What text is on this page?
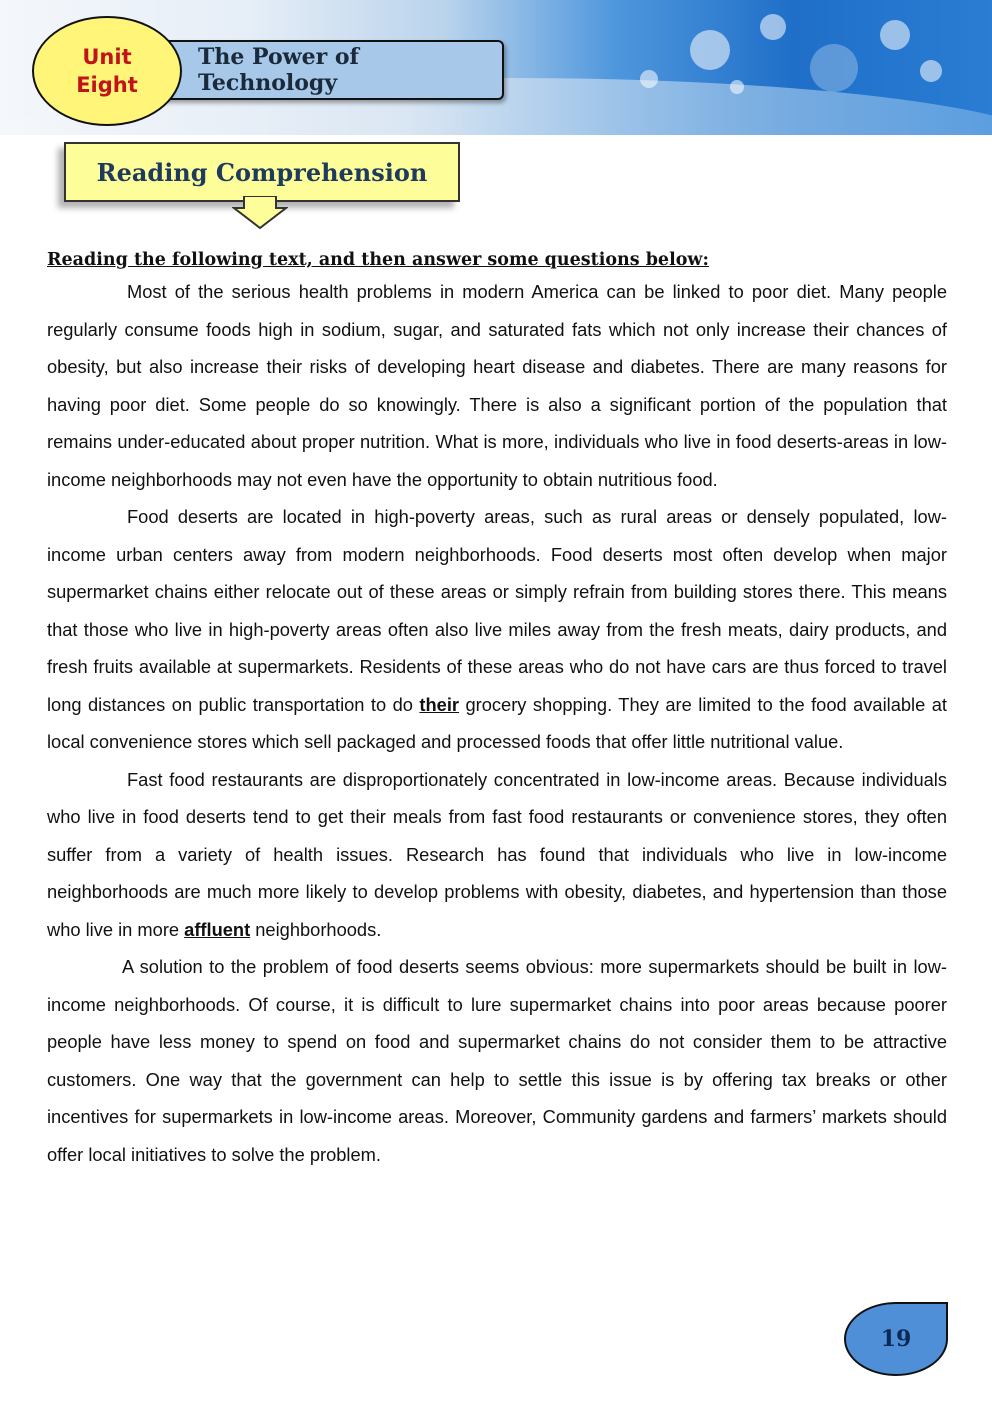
The Power of Technology
Unit
Eight
Reading Comprehension
Reading the following text, and then answer some questions below:

Most of the serious health problems in modern America can be linked to poor diet. Many people regularly consume foods high in sodium, sugar, and saturated fats which not only increase their chances of obesity, but also increase their risks of developing heart disease and diabetes. There are many reasons for having poor diet. Some people do so knowingly. There is also a significant portion of the population that remains under-educated about proper nutrition. What is more, individuals who live in food deserts-areas in low-income neighborhoods may not even have the opportunity to obtain nutritious food.

Food deserts are located in high-poverty areas, such as rural areas or densely populated, low-income urban centers away from modern neighborhoods. Food deserts most often develop when major supermarket chains either relocate out of these areas or simply refrain from building stores there. This means that those who live in high-poverty areas often also live miles away from the fresh meats, dairy products, and fresh fruits available at supermarkets. Residents of these areas who do not have cars are thus forced to travel long distances on public transportation to do their grocery shopping. They are limited to the food available at local convenience stores which sell packaged and processed foods that offer little nutritional value.

Fast food restaurants are disproportionately concentrated in low-income areas. Because individuals who live in food deserts tend to get their meals from fast food restaurants or convenience stores, they often suffer from a variety of health issues. Research has found that individuals who live in low-income neighborhoods are much more likely to develop problems with obesity, diabetes, and hypertension than those who live in more affluent neighborhoods.

A solution to the problem of food deserts seems obvious: more supermarkets should be built in low-income neighborhoods. Of course, it is difficult to lure supermarket chains into poor areas because poorer people have less money to spend on food and supermarket chains do not consider them to be attractive customers. One way that the government can help to settle this issue is by offering tax breaks or other incentives for supermarkets in low-income areas. Moreover, Community gardens and farmers’ markets should offer local initiatives to solve the problem.

19
